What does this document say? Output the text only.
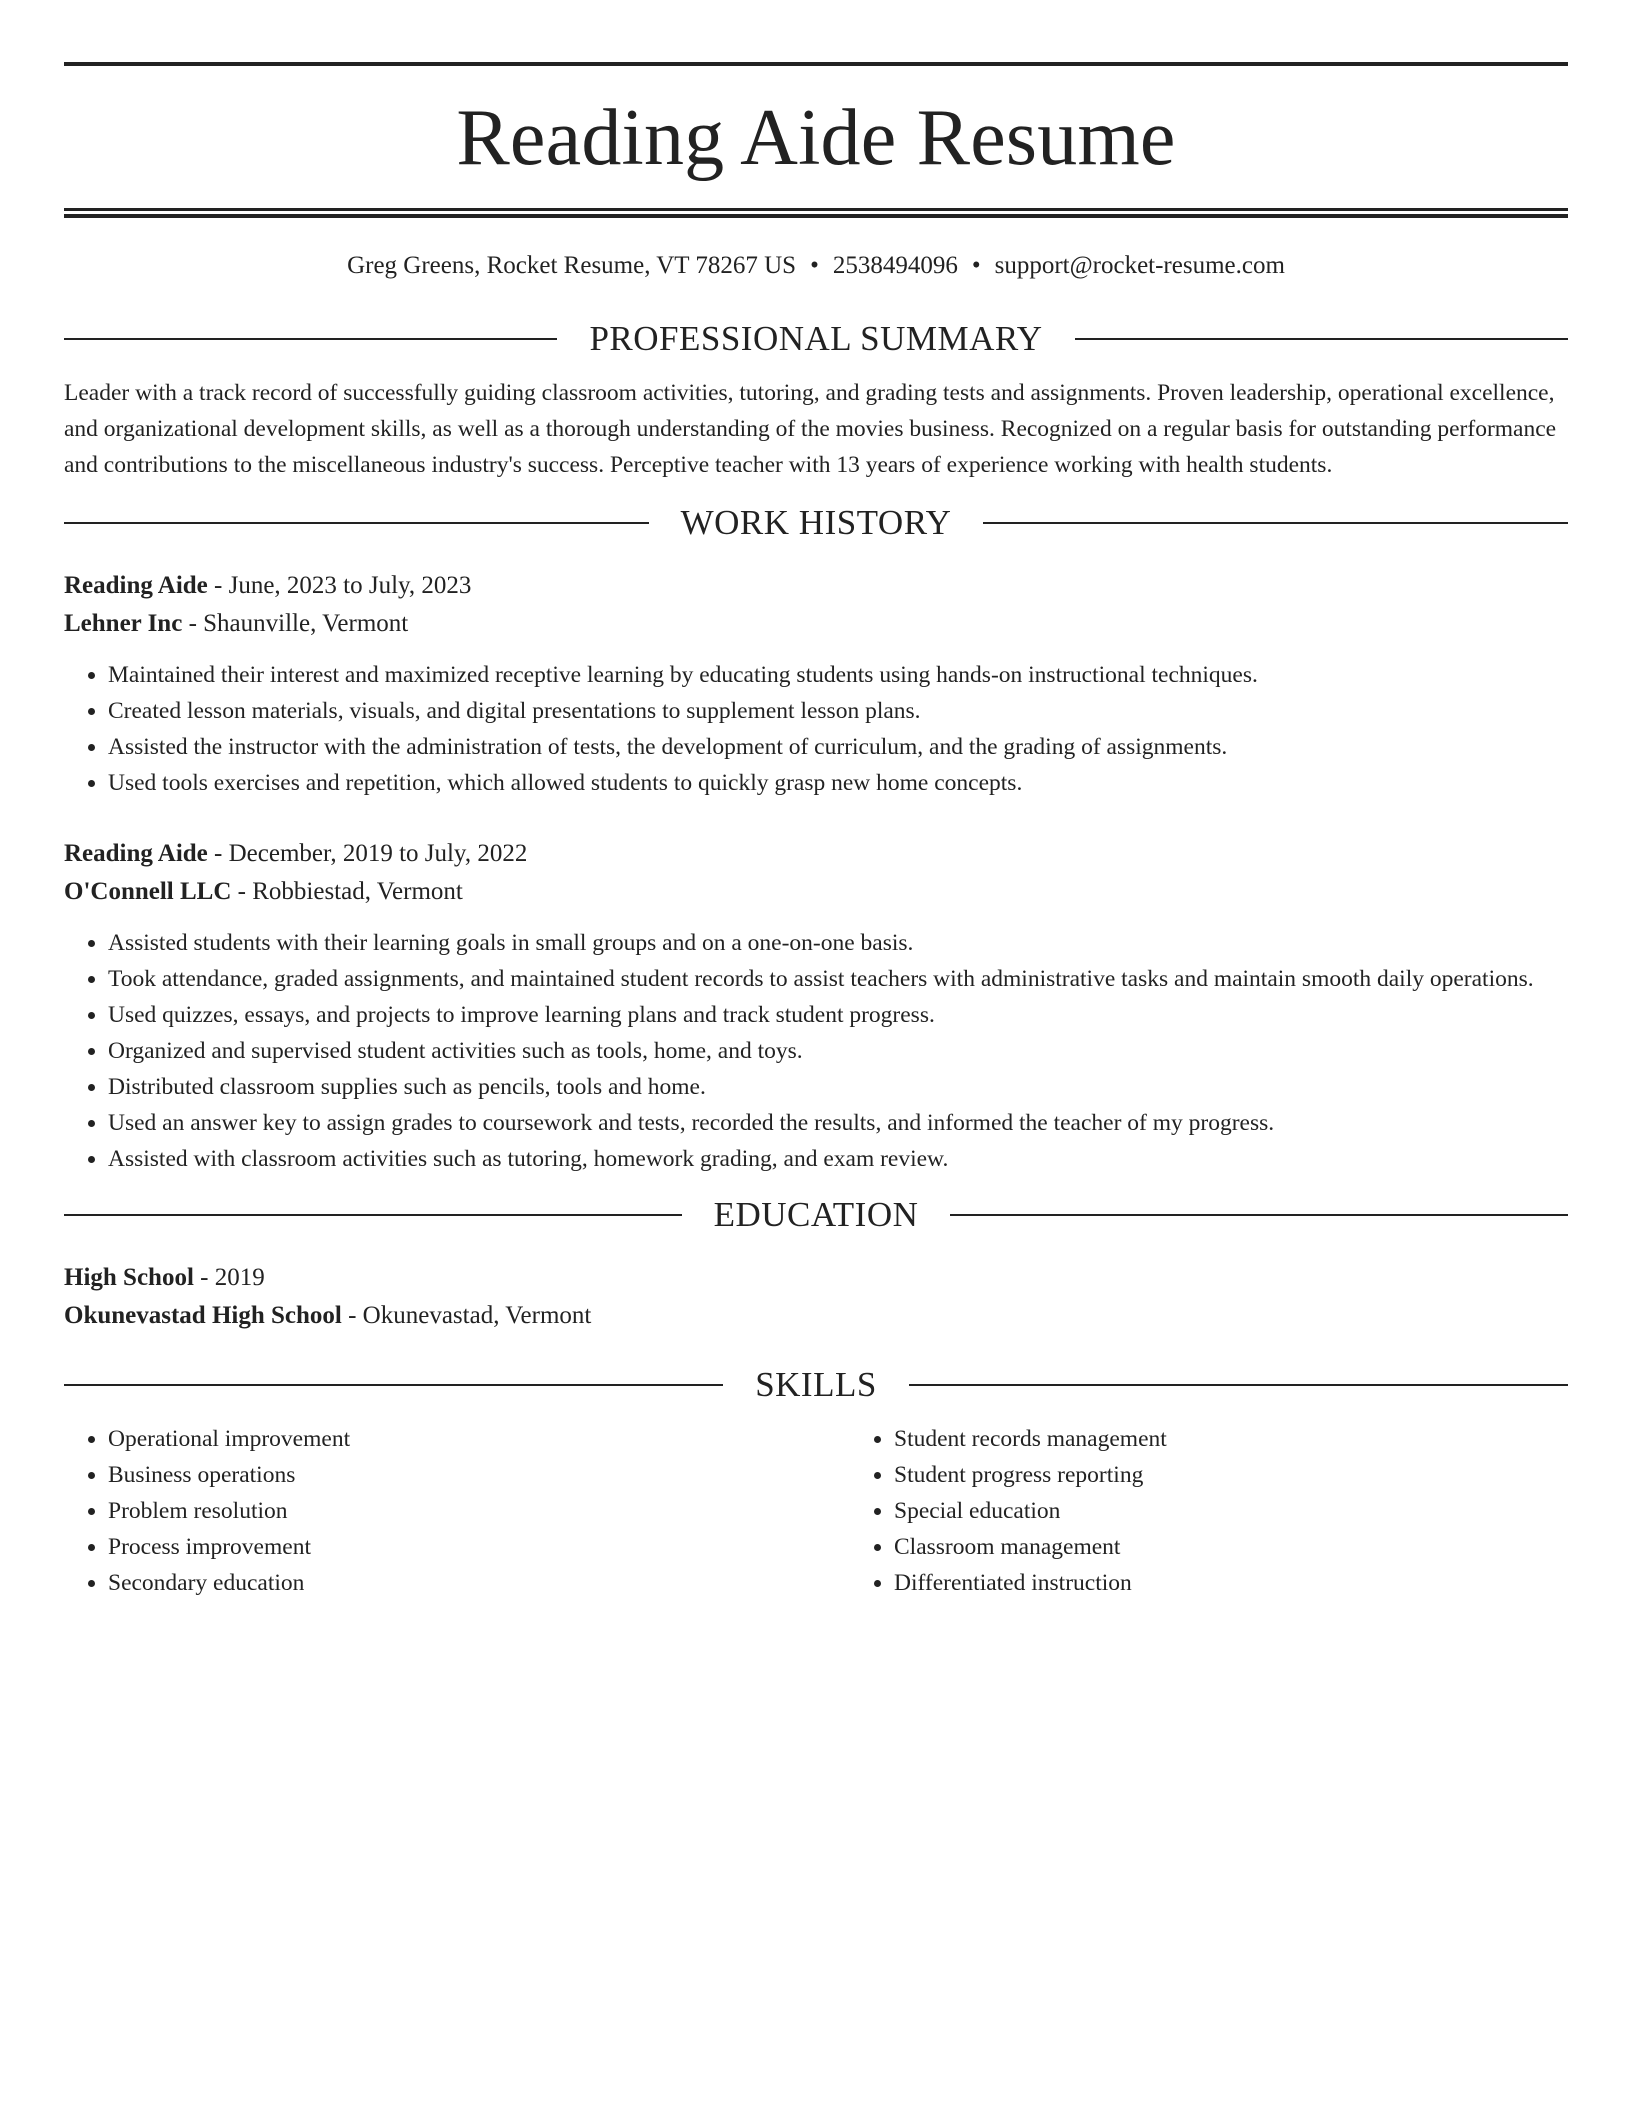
Reading Aide Resume
Greg Greens, Rocket Resume, VT 78267 US • 2538494096 • support@rocket-resume.com
PROFESSIONAL SUMMARY

Leader with a track record of successfully guiding classroom activities, tutoring, and grading tests and assignments. Proven leadership, operational excellence, and organizational development skills, as well as a thorough understanding of the movies business. Recognized on a regular basis for outstanding performance and contributions to the miscellaneous industry's success. Perceptive teacher with 13 years of experience working with health students.

WORK HISTORY
Reading Aide - June, 2023 to July, 2023
Lehner Inc - Shaunville, Vermont
• Maintained their interest and maximized receptive learning by educating students using hands-on instructional techniques.
• Created lesson materials, visuals, and digital presentations to supplement lesson plans.
• Assisted the instructor with the administration of tests, the development of curriculum, and the grading of assignments.
• Used tools exercises and repetition, which allowed students to quickly grasp new home concepts.
Reading Aide - December, 2019 to July, 2022
O'Connell LLC - Robbiestad, Vermont
• Assisted students with their learning goals in small groups and on a one-on-one basis.
• Took attendance, graded assignments, and maintained student records to assist teachers with administrative tasks and maintain smooth daily operations.
• Used quizzes, essays, and projects to improve learning plans and track student progress.
• Organized and supervised student activities such as tools, home, and toys.
• Distributed classroom supplies such as pencils, tools and home.
• Used an answer key to assign grades to coursework and tests, recorded the results, and informed the teacher of my progress.
• Assisted with classroom activities such as tutoring, homework grading, and exam review.
EDUCATION
High School - 2019
Okunevastad High School - Okunevastad, Vermont
SKILLS
• Operational improvement
• Business operations
• Problem resolution
• Process improvement
• Secondary education
• Student records management
• Student progress reporting
• Special education
• Classroom management
• Differentiated instruction
